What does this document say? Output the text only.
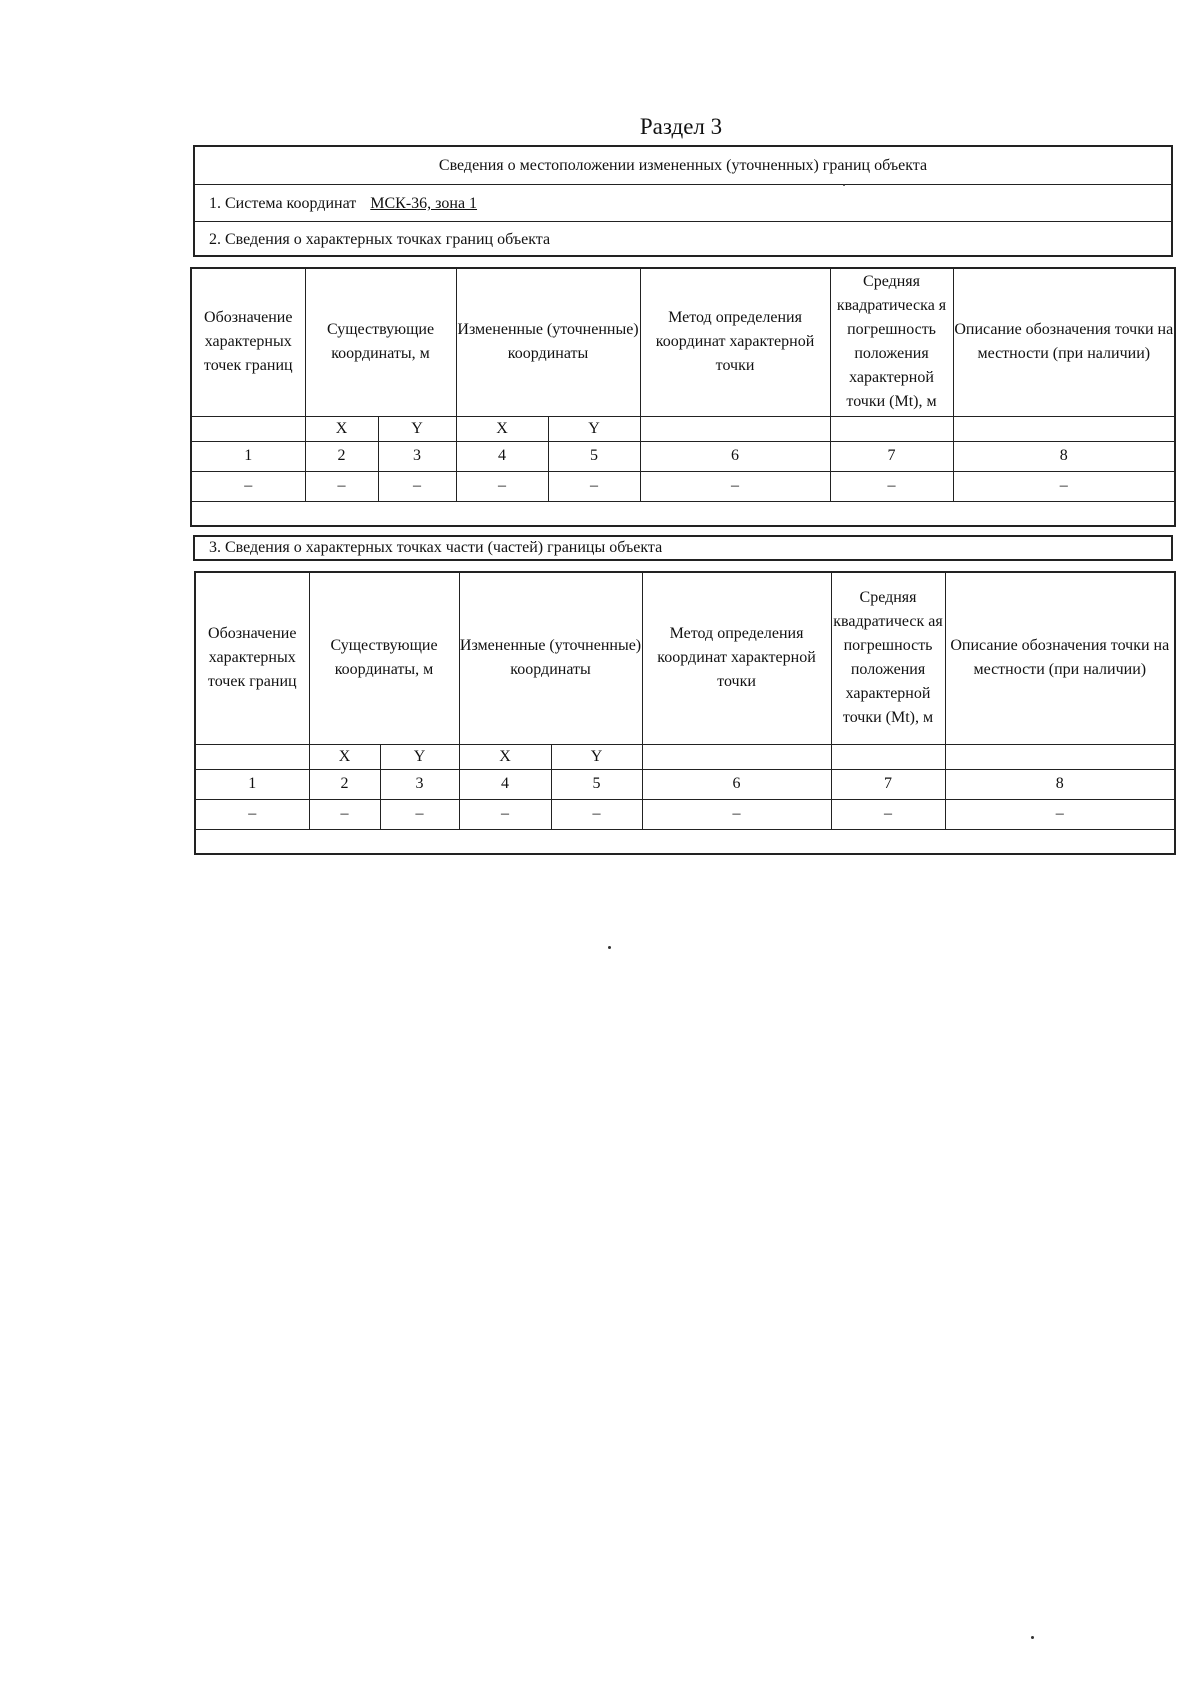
Раздел 3
Сведения о местоположении измененных (уточненных) границ объекта
1. Система координат МСК-36, зона 1
2. Сведения о характерных точках границ объекта
Обозначение характерных точек границ	Существующие координаты, м		Измененные (уточненные) координаты		Метод определения координат характерной точки	Средняя квадратическа я погрешность положения характерной точки (Mt), м	Описание обозначения точки на местности (при наличии)
	X	Y	X	Y			
1	2	3	4	5	6	7	8
–	–	–	–	–	–	–	–

3. Сведения о характерных точках части (частей) границы объекта
Обозначение характерных точек границ	Существующие координаты, м		Измененные (уточненные) координаты		Метод определения координат характерной точки	Средняя квадратическ ая погрешность положения характерной точки (Mt), м	Описание обозначения точки на местности (при наличии)
	X	Y	X	Y			
1	2	3	4	5	6	7	8
–	–	–	–	–	–	–	–
